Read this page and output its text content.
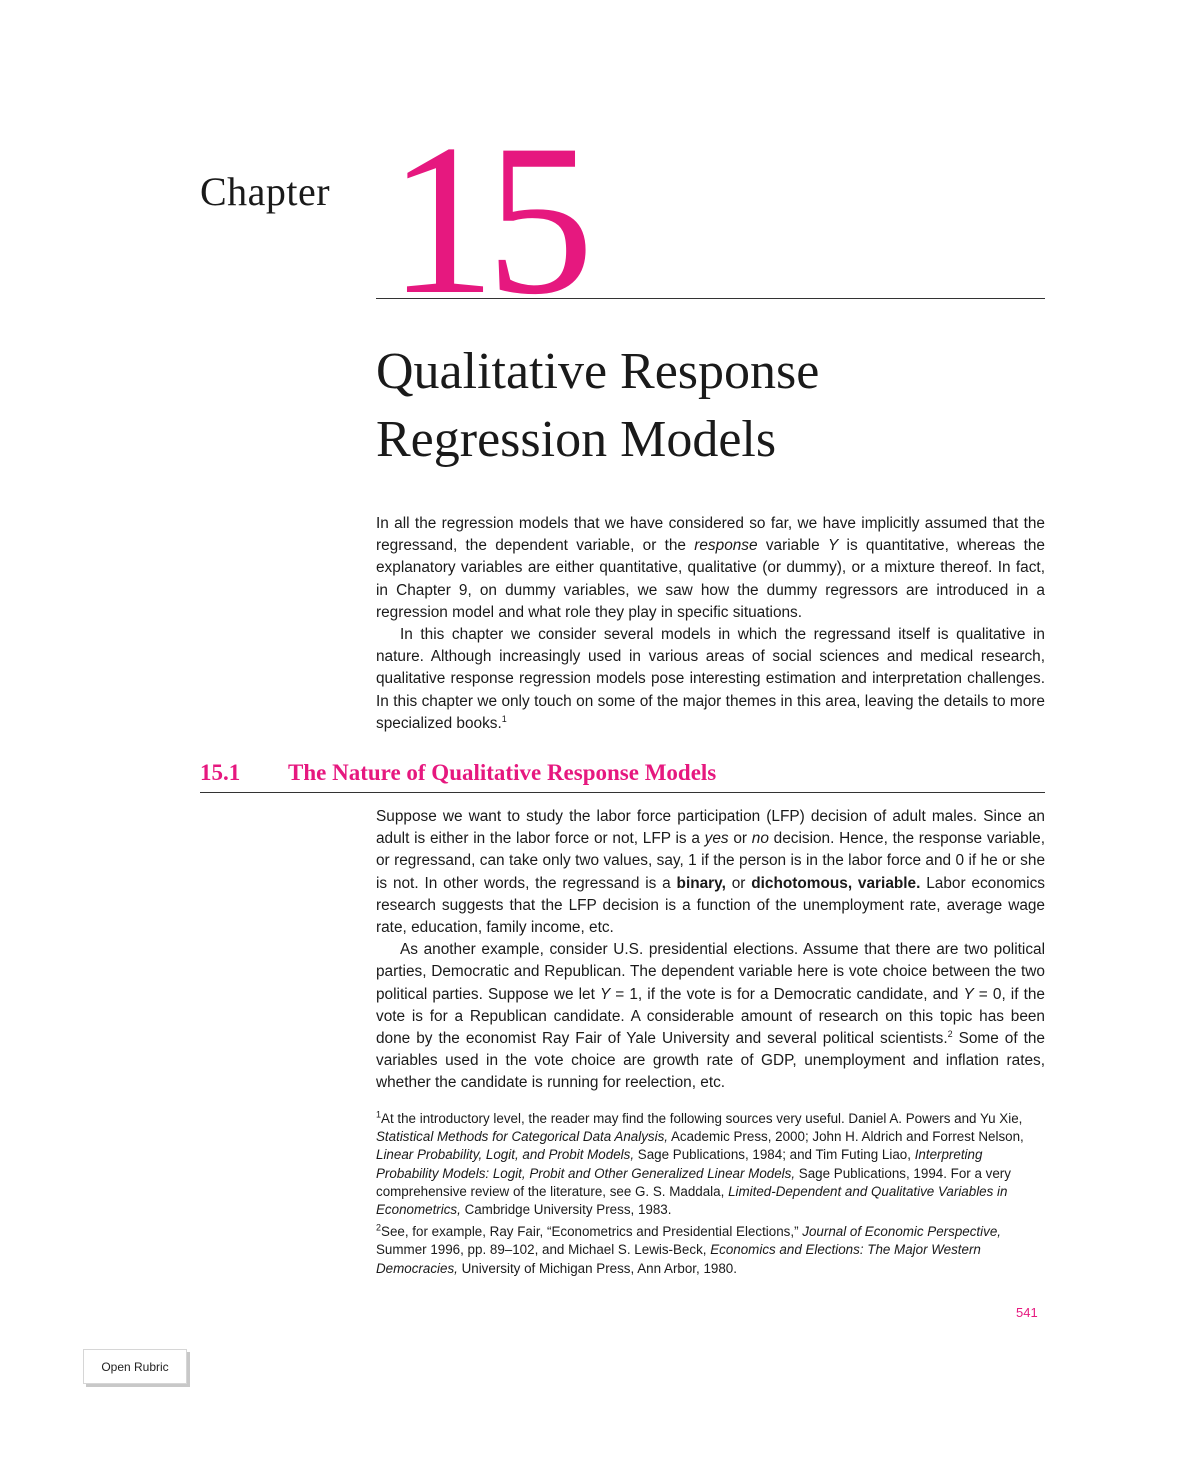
Chapter 15
Qualitative Response
Regression Models

In all the regression models that we have considered so far, we have implicitly assumed that the regressand, the dependent variable, or the response variable Y is quantitative, whereas the explanatory variables are either quantitative, qualitative (or dummy), or a mixture thereof. In fact, in Chapter 9, on dummy variables, we saw how the dummy regressors are introduced in a regression model and what role they play in specific situations.

In this chapter we consider several models in which the regressand itself is qualitative in nature. Although increasingly used in various areas of social sciences and medical research, qualitative response regression models pose interesting estimation and interpretation challenges. In this chapter we only touch on some of the major themes in this area, leaving the details to more specialized books.$^1$

15.1 The Nature of Qualitative Response Models

Suppose we want to study the labor force participation (LFP) decision of adult males. Since an adult is either in the labor force or not, LFP is a yes or no decision. Hence, the response variable, or regressand, can take only two values, say, 1 if the person is in the labor force and 0 if he or she is not. In other words, the regressand is a binary, or dichotomous, variable. Labor economics research suggests that the LFP decision is a function of the unemployment rate, average wage rate, education, family income, etc.

As another example, consider U.S. presidential elections. Assume that there are two political parties, Democratic and Republican. The dependent variable here is vote choice between the two political parties. Suppose we let Y = 1, if the vote is for a Democratic candidate, and Y = 0, if the vote is for a Republican candidate. A considerable amount of research on this topic has been done by the economist Ray Fair of Yale University and several political scientists.$^2$ Some of the variables used in the vote choice are growth rate of GDP, unemployment and inflation rates, whether the candidate is running for reelection, etc.

$^1$At the introductory level, the reader may find the following sources very useful. Daniel A. Powers and Yu Xie, Statistical Methods for Categorical Data Analysis, Academic Press, 2000; John H. Aldrich and Forrest Nelson, Linear Probability, Logit, and Probit Models, Sage Publications, 1984; and Tim Futing Liao, Interpreting Probability Models: Logit, Probit and Other Generalized Linear Models, Sage Publications, 1994. For a very comprehensive review of the literature, see G. S. Maddala, Limited-Dependent and Qualitative Variables in Econometrics, Cambridge University Press, 1983.

$^2$See, for example, Ray Fair, “Econometrics and Presidential Elections,” Journal of Economic Perspective, Summer 1996, pp. 89–102, and Michael S. Lewis-Beck, Economics and Elections: The Major Western Democracies, University of Michigan Press, Ann Arbor, 1980.

541
Open Rubric
